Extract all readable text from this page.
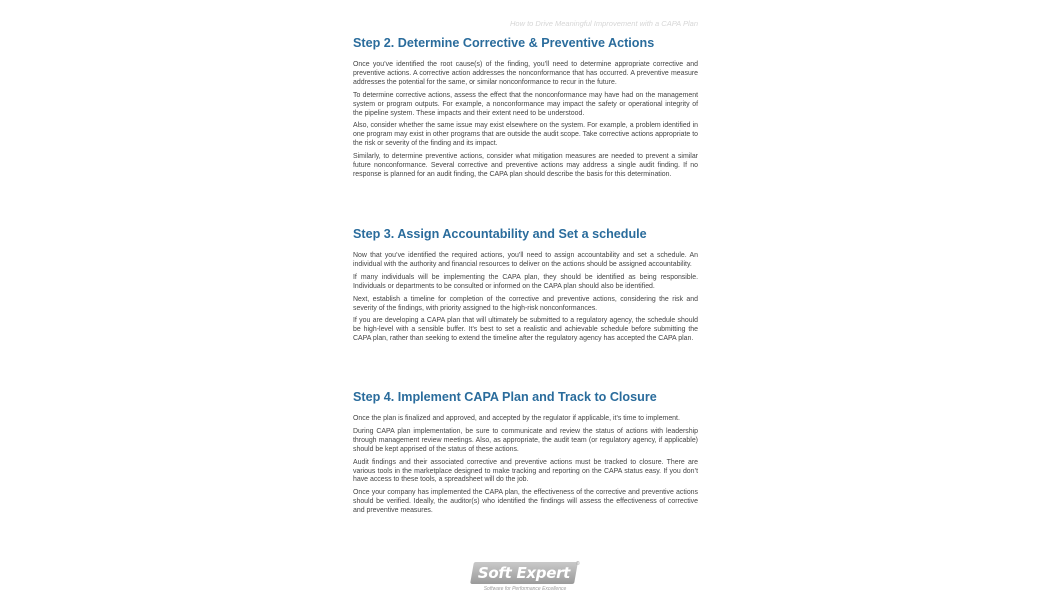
How to Drive Meaningful Improvement with a CAPA Plan
Step 2. Determine Corrective & Preventive Actions

Once you’ve identified the root cause(s) of the finding, you’ll need to determine appropriate corrective and preventive actions. A corrective action addresses the nonconformance that has occurred. A preventive measure addresses the potential for the same, or similar nonconformance to recur in the future.

To determine corrective actions, assess the effect that the nonconformance may have had on the management system or program outputs. For example, a nonconformance may impact the safety or operational integrity of the pipeline system. These impacts and their extent need to be understood.

Also, consider whether the same issue may exist elsewhere on the system. For example, a problem identified in one program may exist in other programs that are outside the audit scope. Take corrective actions appropriate to the risk or severity of the finding and its impact.

Similarly, to determine preventive actions, consider what mitigation measures are needed to prevent a similar future nonconformance. Several corrective and preventive actions may address a single audit finding. If no response is planned for an audit finding, the CAPA plan should describe the basis for this determination.

Step 3. Assign Accountability and Set a schedule

Now that you’ve identified the required actions, you’ll need to assign accountability and set a schedule. An individual with the authority and financial resources to deliver on the actions should be assigned accountability.

If many individuals will be implementing the CAPA plan, they should be identified as being responsible. Individuals or departments to be consulted or informed on the CAPA plan should also be identified.

Next, establish a timeline for completion of the corrective and preventive actions, considering the risk and severity of the findings, with priority assigned to the high-risk nonconformances.

If you are developing a CAPA plan that will ultimately be submitted to a regulatory agency, the schedule should be high-level with a sensible buffer. It’s best to set a realistic and achievable schedule before submitting the CAPA plan, rather than seeking to extend the timeline after the regulatory agency has accepted the CAPA plan.

Step 4. Implement CAPA Plan and Track to Closure

Once the plan is finalized and approved, and accepted by the regulator if applicable, it’s time to implement.

During CAPA plan implementation, be sure to communicate and review the status of actions with leadership through management review meetings. Also, as appropriate, the audit team (or regulatory agency, if applicable) should be kept apprised of the status of these actions.

Audit findings and their associated corrective and preventive actions must be tracked to closure. There are various tools in the marketplace designed to make tracking and reporting on the CAPA status easy. If you don’t have access to these tools, a spreadsheet will do the job.

Once your company has implemented the CAPA plan, the effectiveness of the corrective and preventive actions should be verified. Ideally, the auditor(s) who identified the findings will assess the effectiveness of corrective and preventive measures.

Soft Expert	®
Software for Performance Excellence
